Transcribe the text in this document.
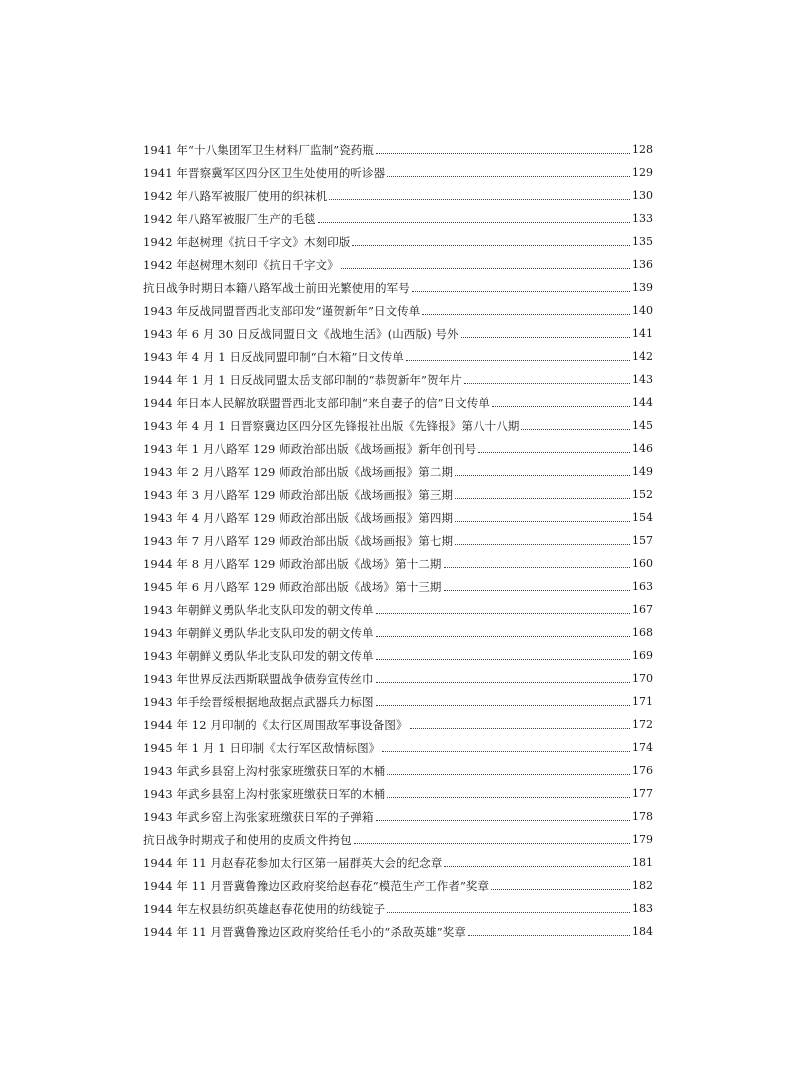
1941 年“十八集团军卫生材料厂监制”瓷药瓶	128
1941 年晋察冀军区四分区卫生处使用的听诊器	129
1942 年八路军被服厂使用的织袜机	130
1942 年八路军被服厂生产的毛毯	133
1942 年赵树理《抗日千字文》木刻印版	135
1942 年赵树理木刻印《抗日千字文》	136
抗日战争时期日本籍八路军战士前田光繁使用的军号	139
1943 年反战同盟晋西北支部印发“谨贺新年”日文传单	140
1943 年 6 月 30 日反战同盟日文《战地生活》(山西版) 号外	141
1943 年 4 月 1 日反战同盟印制“白木箱”日文传单	142
1944 年 1 月 1 日反战同盟太岳支部印制的“恭贺新年”贺年片	143
1944 年日本人民解放联盟晋西北支部印制“来自妻子的信”日文传单	144
1943 年 4 月 1 日晋察冀边区四分区先锋报社出版《先锋报》第八十八期	145
1943 年 1 月八路军 129 师政治部出版《战场画报》新年创刊号	146
1943 年 2 月八路军 129 师政治部出版《战场画报》第二期	149
1943 年 3 月八路军 129 师政治部出版《战场画报》第三期	152
1943 年 4 月八路军 129 师政治部出版《战场画报》第四期	154
1943 年 7 月八路军 129 师政治部出版《战场画报》第七期	157
1944 年 8 月八路军 129 师政治部出版《战场》第十二期	160
1945 年 6 月八路军 129 师政治部出版《战场》第十三期	163
1943 年朝鲜义勇队华北支队印发的朝文传单	167
1943 年朝鲜义勇队华北支队印发的朝文传单	168
1943 年朝鲜义勇队华北支队印发的朝文传单	169
1943 年世界反法西斯联盟战争债券宣传丝巾	170
1943 年手绘晋绥根据地敌据点武器兵力标图	171
1944 年 12 月印制的《太行区周围敌军事设备图》	172
1945 年 1 月 1 日印制《太行军区敌情标图》	174
1943 年武乡县窑上沟村张家班缴获日军的木桶	176
1943 年武乡县窑上沟村张家班缴获日军的木桶	177
1943 年武乡窑上沟张家班缴获日军的子弹箱	178
抗日战争时期戎子和使用的皮质文件挎包	179
1944 年 11 月赵春花参加太行区第一届群英大会的纪念章	181
1944 年 11 月晋冀鲁豫边区政府奖给赵春花“模范生产工作者”奖章	182
1944 年左权县纺织英雄赵春花使用的纺线锭子	183
1944 年 11 月晋冀鲁豫边区政府奖给任毛小的“杀敌英雄”奖章	184
